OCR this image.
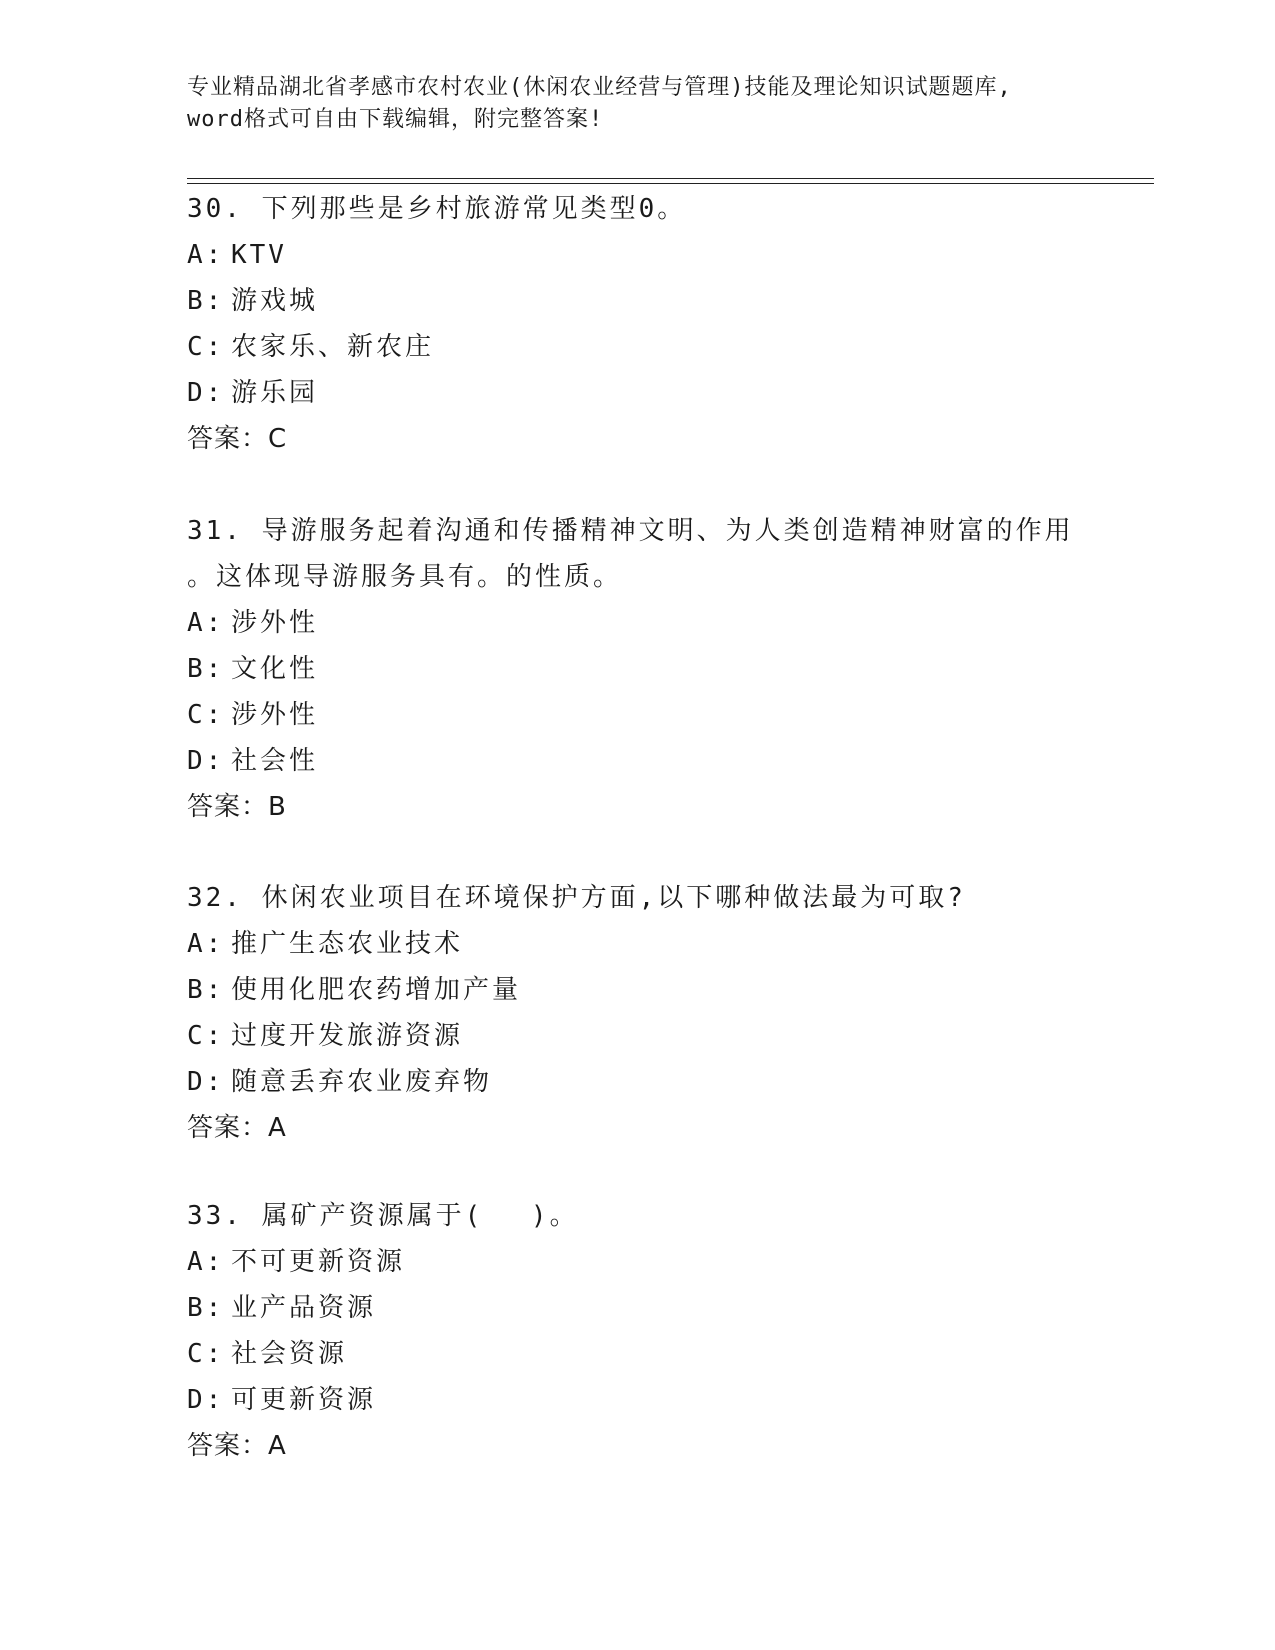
专业精品湖北省孝感市农村农业(休闲农业经营与管理)技能及理论知识试题题库,
word格式可自由下载编辑，附完整答案!
30. 下列那些是乡村旅游常见类型0。
A: KTV
B: 游戏城
C: 农家乐、新农庄
D: 游乐园
答案：C
31. 导游服务起着沟通和传播精神文明、为人类创造精神财富的作用
。这体现导游服务具有。的性质。
A: 涉外性
B: 文化性
C: 涉外性
D: 社会性
答案：B
32. 休闲农业项目在环境保护方面,以下哪种做法最为可取?
A: 推广生态农业技术
B: 使用化肥农药增加产量
C: 过度开发旅游资源
D: 随意丢弃农业废弃物
答案：A
33. 属矿产资源属于(　 )。
A: 不可更新资源
B: 业产品资源
C: 社会资源
D: 可更新资源
答案：A
